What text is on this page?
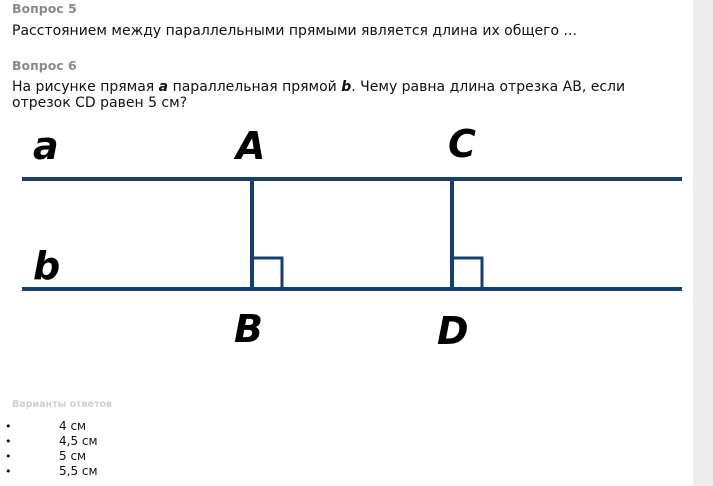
Вопрос 5

Расстоянием между параллельными прямыми является длина их общего ...

Вопрос 6

На рисунке прямая a параллельная прямой b. Чему равна длина отрезка АВ, если

отрезок CD равен 5 см?

a
b
A	C
B	D

Варианты ответов

•	4 см
•	4,5 см
•	5 см
•	5,5 см
